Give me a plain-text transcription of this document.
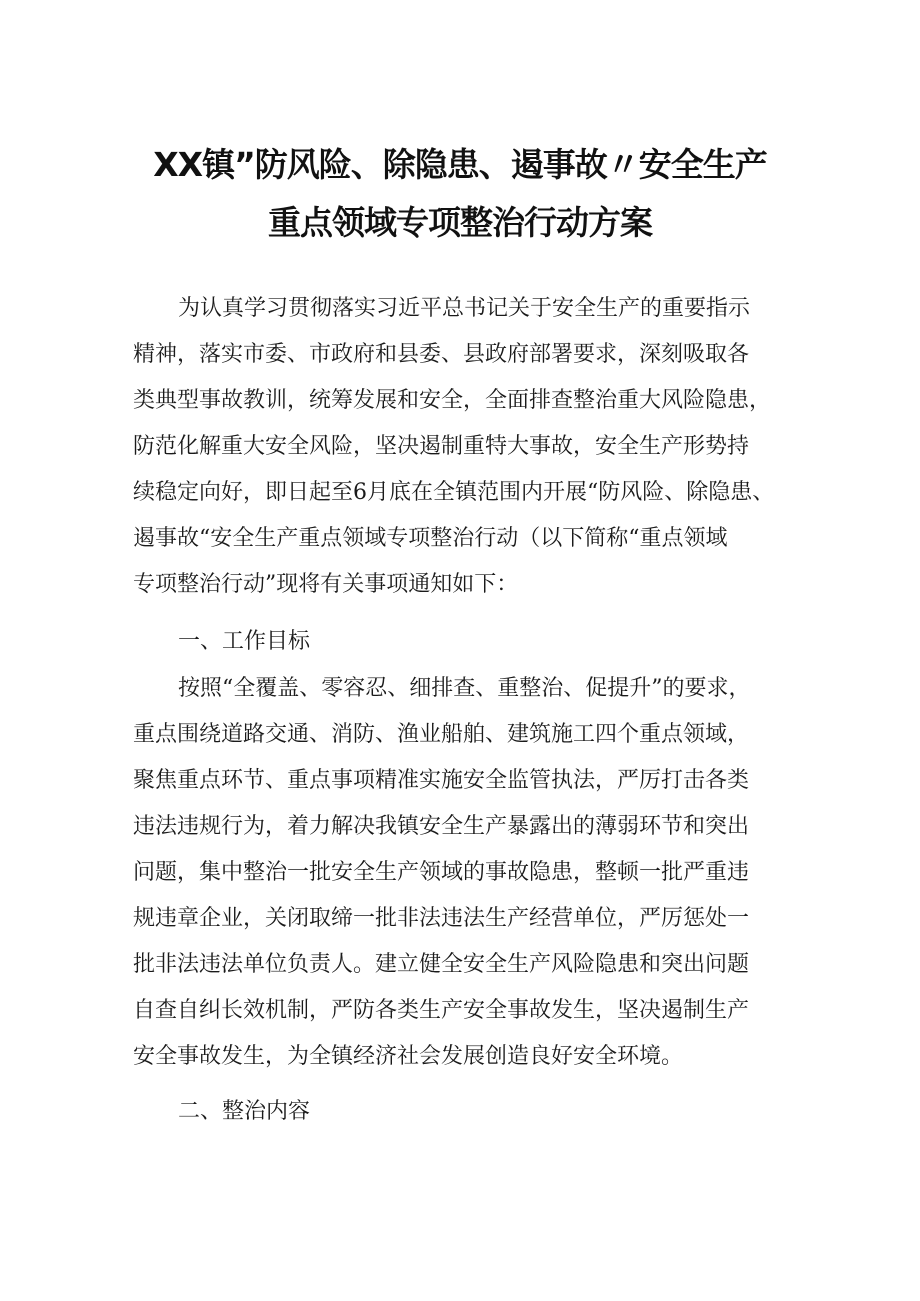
XX镇”防风险、除隐患、遏事故〃安全生产
重点领域专项整治行动方案
为认真学习贯彻落实习近平总书记关于安全生产的重要指示
精神，落实市委、市政府和县委、县政府部署要求，深刻吸取各
类典型事故教训，统筹发展和安全，全面排查整治重大风险隐患，
防范化解重大安全风险，坚决遏制重特大事故，安全生产形势持
续稳定向好，即日起至6月底在全镇范围内开展“防风险、除隐患、
遏事故“安全生产重点领域专项整治行动（以下简称“重点领域
专项整治行动”现将有关事项通知如下：
一、工作目标
按照“全覆盖、零容忍、细排查、重整治、促提升”的要求，
重点围绕道路交通、消防、渔业船舶、建筑施工四个重点领域，
聚焦重点环节、重点事项精准实施安全监管执法，严厉打击各类
违法违规行为，着力解决我镇安全生产暴露出的薄弱环节和突出
问题，集中整治一批安全生产领域的事故隐患，整顿一批严重违
规违章企业，关闭取缔一批非法违法生产经营单位，严厉惩处一
批非法违法单位负责人。建立健全安全生产风险隐患和突出问题
自查自纠长效机制，严防各类生产安全事故发生，坚决遏制生产
安全事故发生，为全镇经济社会发展创造良好安全环境。
二、整治内容
